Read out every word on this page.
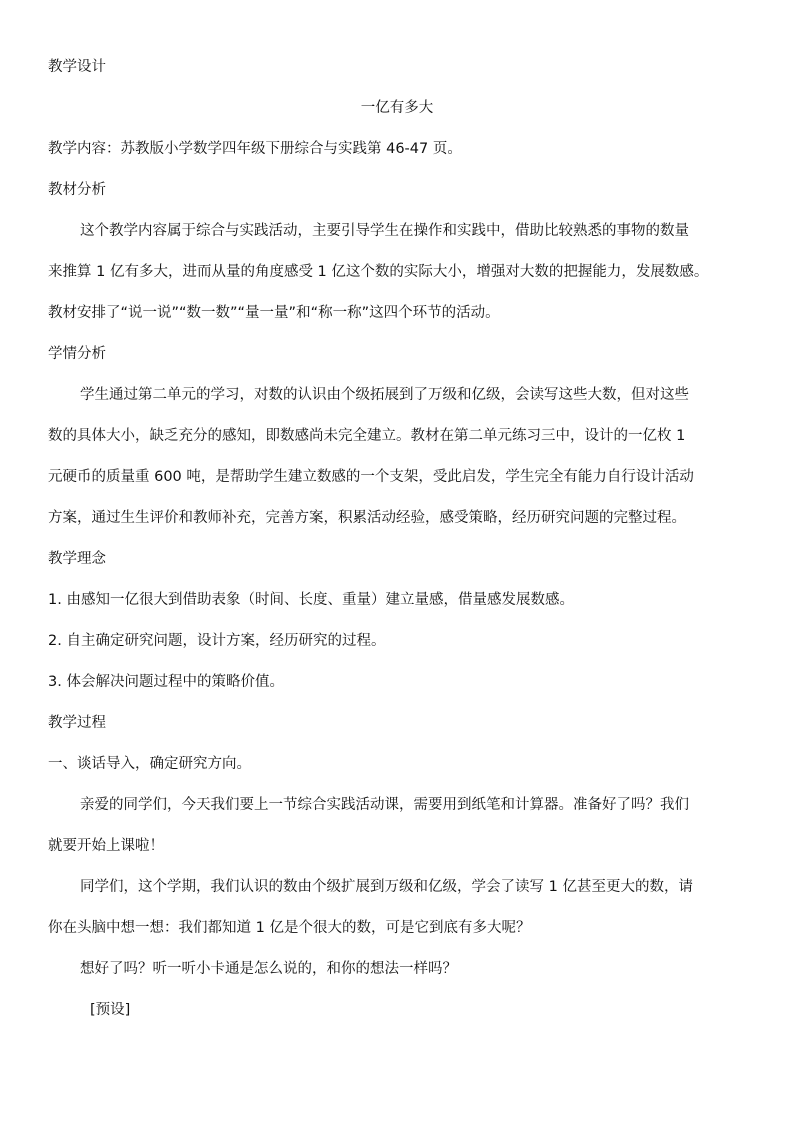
教学设计

一亿有多大

教学内容：苏教版小学数学四年级下册综合与实践第 46-47 页。

教材分析

这个教学内容属于综合与实践活动，主要引导学生在操作和实践中，借助比较熟悉的事物的数量
来推算 1 亿有多大，进而从量的角度感受 1 亿这个数的实际大小，增强对大数的把握能力，发展数感。
教材安排了“说一说”“数一数”“量一量”和“称一称”这四个环节的活动。

学情分析

学生通过第二单元的学习，对数的认识由个级拓展到了万级和亿级，会读写这些大数，但对这些
数的具体大小，缺乏充分的感知，即数感尚未完全建立。教材在第二单元练习三中，设计的一亿枚 1
元硬币的质量重 600 吨，是帮助学生建立数感的一个支架，受此启发，学生完全有能力自行设计活动
方案，通过生生评价和教师补充，完善方案，积累活动经验，感受策略，经历研究问题的完整过程。

教学理念

1. 由感知一亿很大到借助表象（时间、长度、重量）建立量感，借量感发展数感。

2. 自主确定研究问题，设计方案，经历研究的过程。

3. 体会解决问题过程中的策略价值。

教学过程

一、谈话导入，确定研究方向。

亲爱的同学们，今天我们要上一节综合实践活动课，需要用到纸笔和计算器。准备好了吗？我们
就要开始上课啦！
同学们，这个学期，我们认识的数由个级扩展到万级和亿级，学会了读写 1 亿甚至更大的数，请
你在头脑中想一想：我们都知道 1 亿是个很大的数，可是它到底有多大呢？
想好了吗？听一听小卡通是怎么说的，和你的想法一样吗？

[预设]
